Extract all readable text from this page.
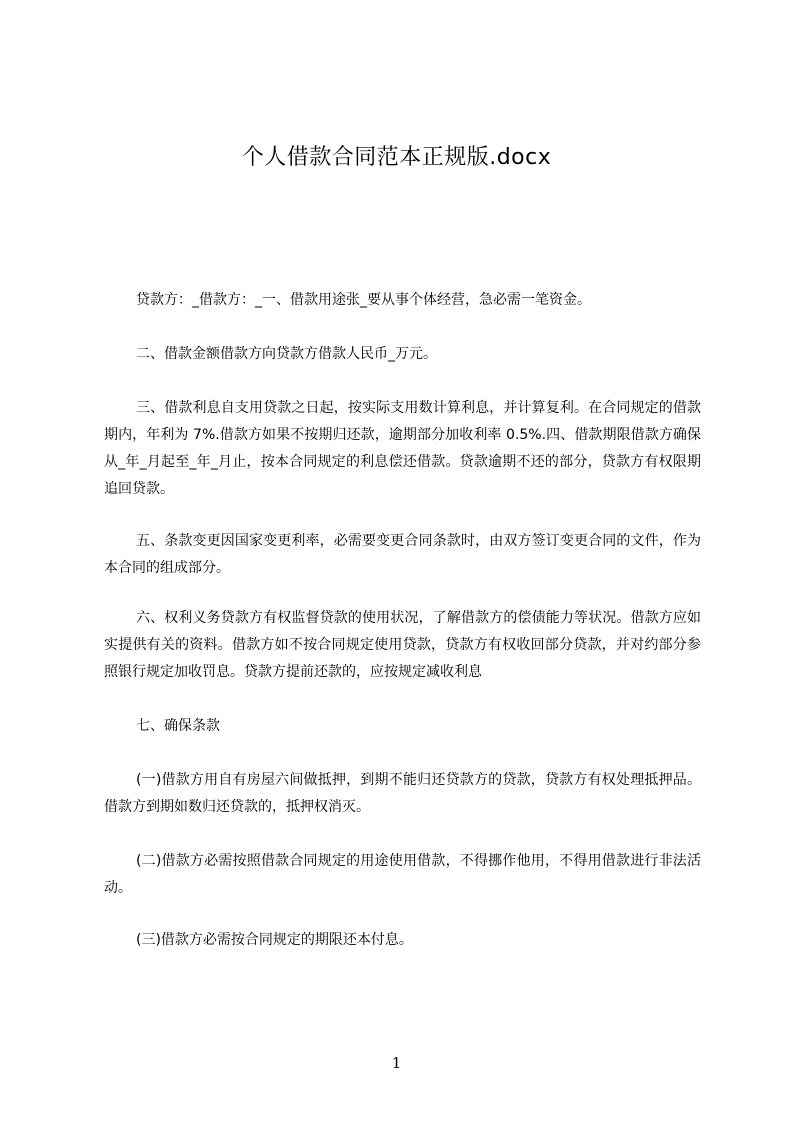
个人借款合同范本正规版.docx

贷款方：_借款方：_一、借款用途张_要从事个体经营，急必需一笔资金。

二、借款金额借款方向贷款方借款人民币_万元。

三、借款利息自支用贷款之日起，按实际支用数计算利息，并计算复利。在合同规定的借款期内，年利为 7%.借款方如果不按期归还款，逾期部分加收利率 0.5%.四、借款期限借款方确保从_年_月起至_年_月止，按本合同规定的利息偿还借款。贷款逾期不还的部分，贷款方有权限期追回贷款。

五、条款变更因国家变更利率，必需要变更合同条款时，由双方签订变更合同的文件，作为本合同的组成部分。

六、权利义务贷款方有权监督贷款的使用状况，了解借款方的偿债能力等状况。借款方应如实提供有关的资料。借款方如不按合同规定使用贷款，贷款方有权收回部分贷款，并对约部分参照银行规定加收罚息。贷款方提前还款的，应按规定减收利息

七、确保条款

(一)借款方用自有房屋六间做抵押，到期不能归还贷款方的贷款，贷款方有权处理抵押品。借款方到期如数归还贷款的，抵押权消灭。

(二)借款方必需按照借款合同规定的用途使用借款，不得挪作他用，不得用借款进行非法活动。

(三)借款方必需按合同规定的期限还本付息。

1
